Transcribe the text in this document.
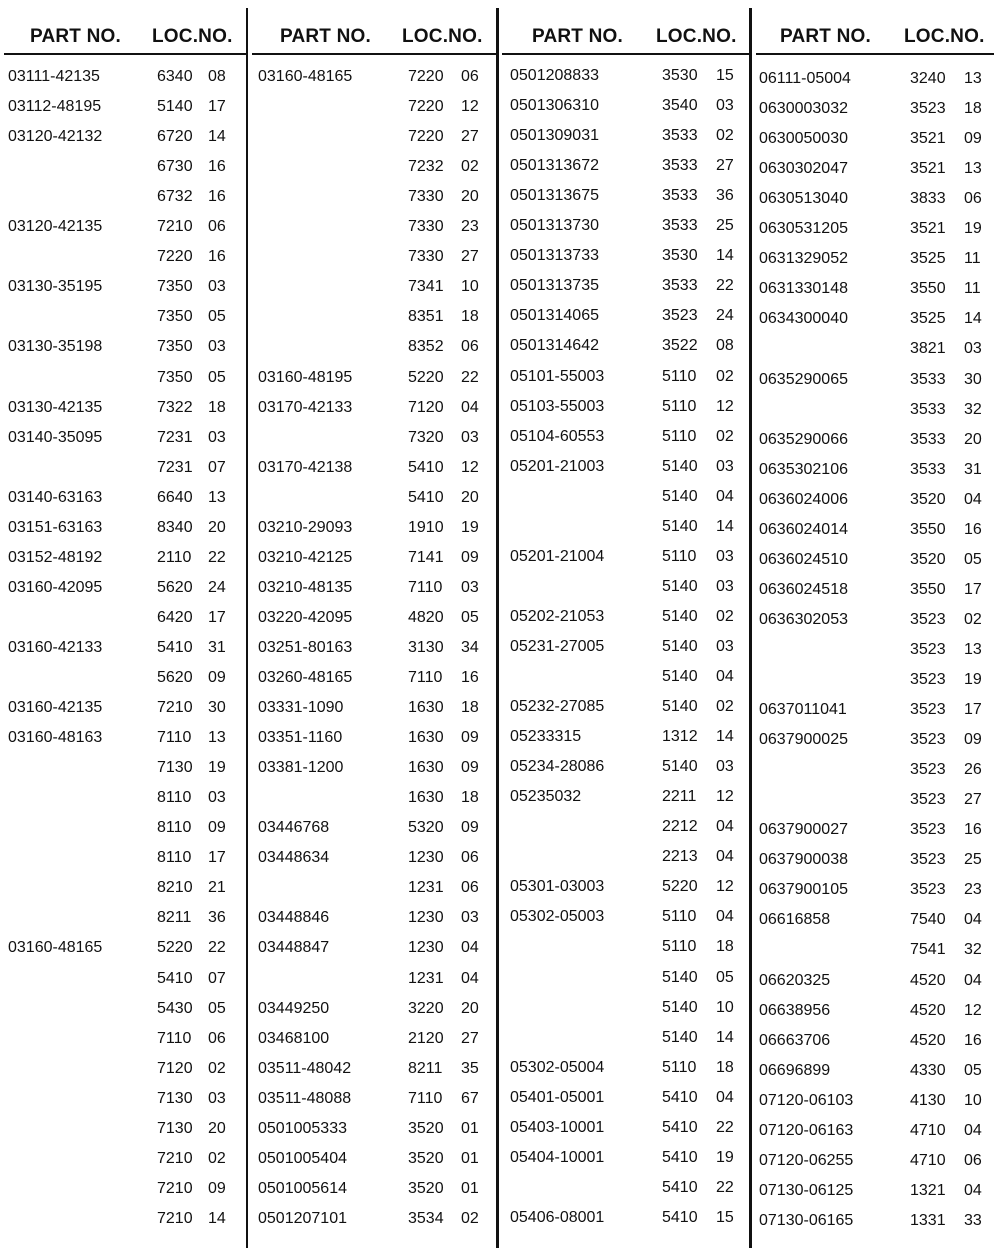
PART NO. LOC.NO.
03111-42135	6340 08
03112-48195	5140 17
03120-42132	6720 14
6730 16
6732 16
03120-42135	7210 06
7220 16
03130-35195	7350 03
7350 05
03130-35198	7350 03
7350 05
03130-42135	7322 18
03140-35095	7231 03
7231 07
03140-63163	6640 13
03151-63163	8340 20
03152-48192	2110 22
03160-42095	5620 24
6420 17
03160-42133	5410 31
5620 09
03160-42135	7210 30
03160-48163	7110 13
7130 19
8110 03
8110 09
8110 17
8210 21
8211 36
03160-48165	5220 22
5410 07
5430 05
7110 06
7120 02
7130 03
7130 20
7210 02
7210 09
7210 14
PART NO. LOC.NO.
03160-48165	7220 06
7220 12
7220 27
7232 02
7330 20
7330 23
7330 27
7341 10
8351 18
8352 06
03160-48195	5220 22
03170-42133	7120 04
7320 03
03170-42138	5410 12
5410 20
03210-29093	1910 19
03210-42125	7141 09
03210-48135	7110 03
03220-42095	4820 05
03251-80163	3130 34
03260-48165	7110 16
03331-1090	1630 18
03351-1160	1630 09
03381-1200	1630 09
1630 18
03446768	5320 09
03448634	1230 06
1231 06
03448846	1230 03
03448847	1230 04
1231 04
03449250	3220 20
03468100	2120 27
03511-48042	8211 35
03511-48088	7110 67
0501005333	3520 01
0501005404	3520 01
0501005614	3520 01
0501207101	3534 02
PART NO. LOC.NO.
0501208833	3530 15
0501306310	3540 03
0501309031	3533 02
0501313672	3533 27
0501313675	3533 36
0501313730	3533 25
0501313733	3530 14
0501313735	3533 22
0501314065	3523 24
0501314642	3522 08
05101-55003	5110 02
05103-55003	5110 12
05104-60553	5110 02
05201-21003	5140 03
5140 04
5140 14
05201-21004	5110 03
5140 03
05202-21053	5140 02
05231-27005	5140 03
5140 04
05232-27085	5140 02
05233315	1312 14
05234-28086	5140 03
05235032	2211 12
2212 04
2213 04
05301-03003	5220 12
05302-05003	5110 04
5110 18
5140 05
5140 10
5140 14
05302-05004	5110 18
05401-05001	5410 04
05403-10001	5410 22
05404-10001	5410 19
5410 22
05406-08001	5410 15
PART NO. LOC.NO.
06111-05004	3240 13
0630003032	3523 18
0630050030	3521 09
0630302047	3521 13
0630513040	3833 06
0630531205	3521 19
0631329052	3525 11
0631330148	3550 11
0634300040	3525 14
3821 03
0635290065	3533 30
3533 32
0635290066	3533 20
0635302106	3533 31
0636024006	3520 04
0636024014	3550 16
0636024510	3520 05
0636024518	3550 17
0636302053	3523 02
3523 13
3523 19
0637011041	3523 17
0637900025	3523 09
3523 26
3523 27
0637900027	3523 16
0637900038	3523 25
0637900105	3523 23
06616858	7540 04
7541 32
06620325	4520 04
06638956	4520 12
06663706	4520 16
06696899	4330 05
07120-06103	4130 10
07120-06163	4710 04
07120-06255	4710 06
07130-06125	1321 04
07130-06165	1331 33
